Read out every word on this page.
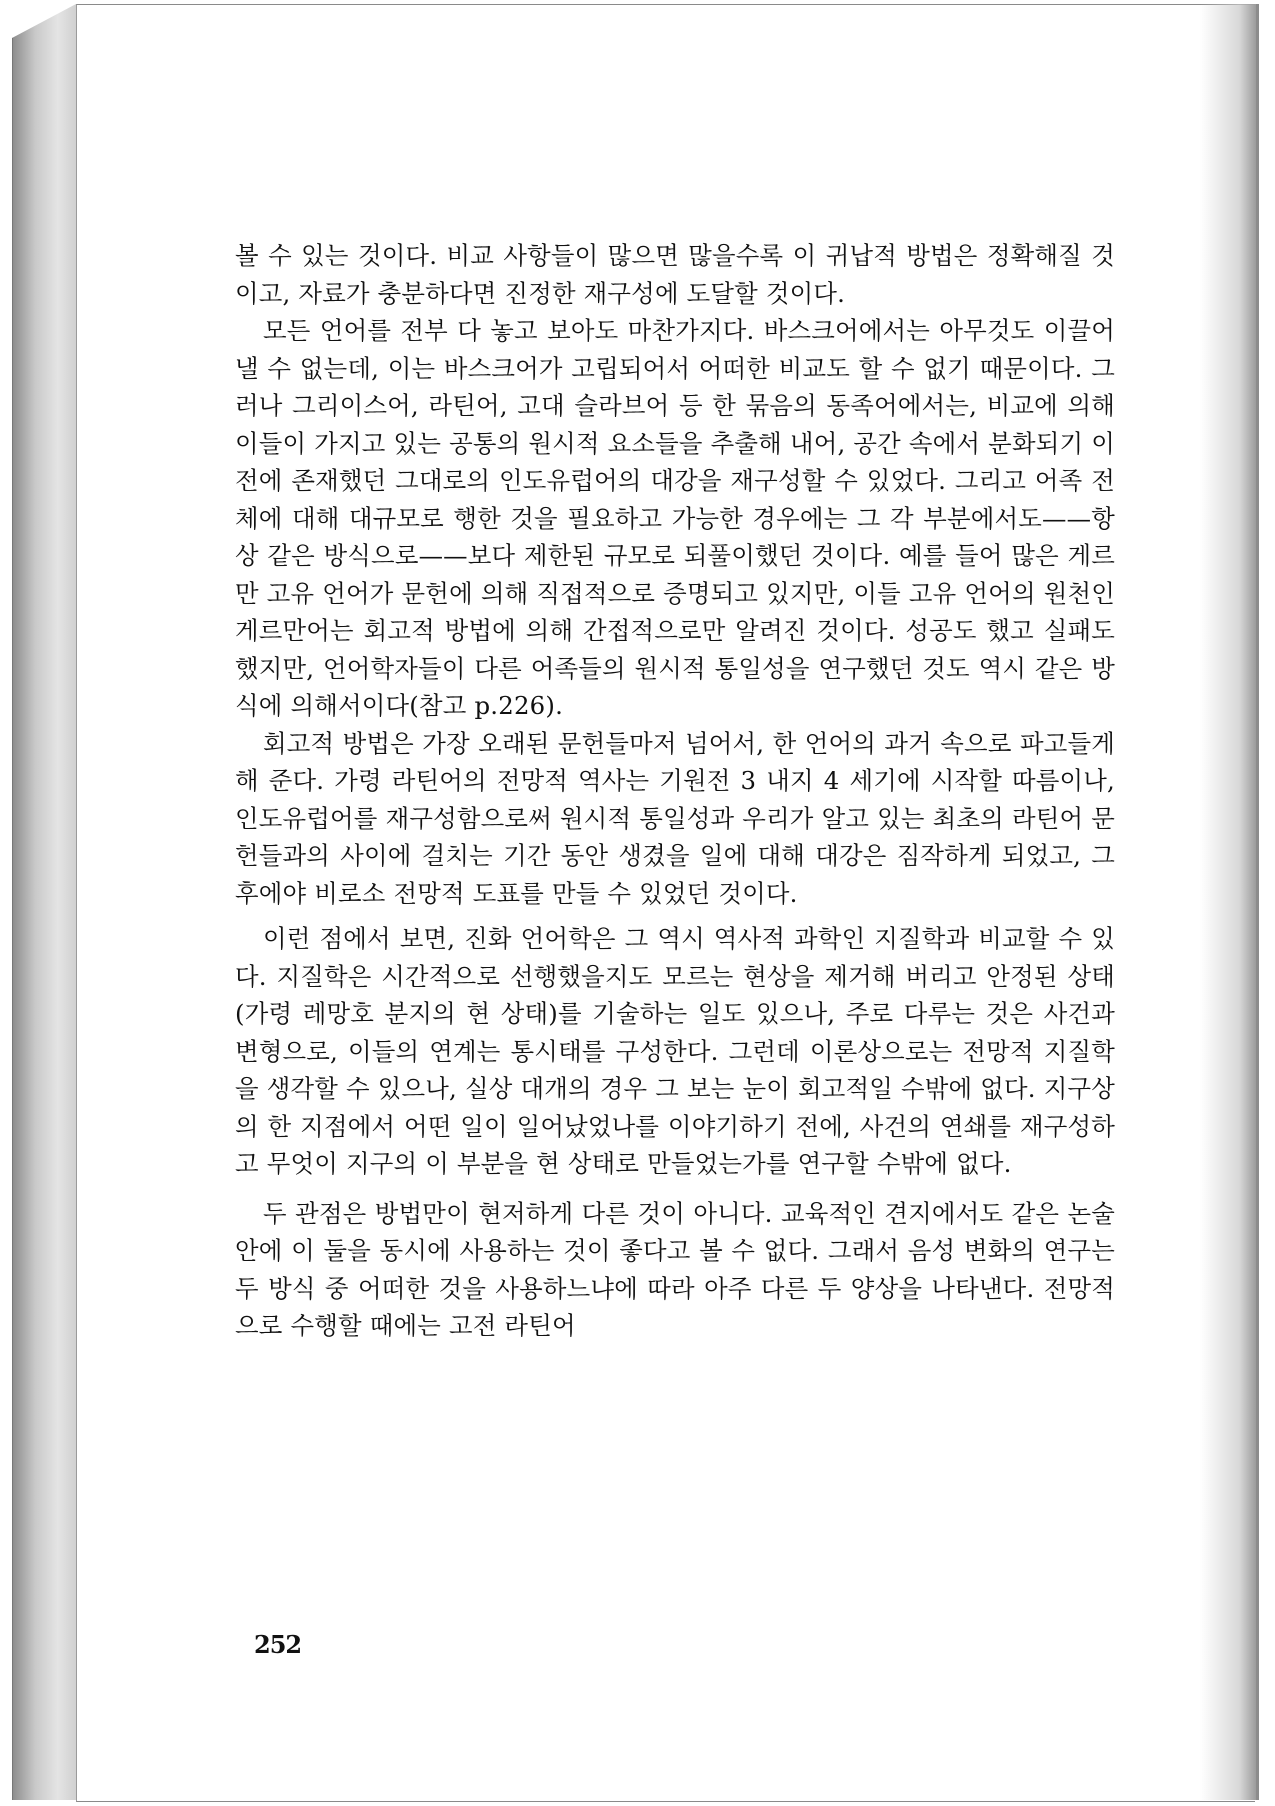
볼 수 있는 것이다. 비교 사항들이 많으면 많을수록 이 귀납적 방법은 정확해질 것이고, 자료가 충분하다면 진정한 재구성에 도달할 것이다.

모든 언어를 전부 다 놓고 보아도 마찬가지다. 바스크어에서는 아무것도 이끌어 낼 수 없는데, 이는 바스크어가 고립되어서 어떠한 비교도 할 수 없기 때문이다. 그러나 그리이스어, 라틴어, 고대 슬라브어 등 한 묶음의 동족어에서는, 비교에 의해 이들이 가지고 있는 공통의 원시적 요소들을 추출해 내어, 공간 속에서 분화되기 이전에 존재했던 그대로의 인도유럽어의 대강을 재구성할 수 있었다. 그리고 어족 전체에 대해 대규모로 행한 것을 필요하고 가능한 경우에는 그 각 부분에서도——항상 같은 방식으로——보다 제한된 규모로 되풀이했던 것이다. 예를 들어 많은 게르만 고유 언어가 문헌에 의해 직접적으로 증명되고 있지만, 이들 고유 언어의 원천인 게르만어는 회고적 방법에 의해 간접적으로만 알려진 것이다. 성공도 했고 실패도 했지만, 언어학자들이 다른 어족들의 원시적 통일성을 연구했던 것도 역시 같은 방식에 의해서이다(참고 p.226).

회고적 방법은 가장 오래된 문헌들마저 넘어서, 한 언어의 과거 속으로 파고들게 해 준다. 가령 라틴어의 전망적 역사는 기원전 3 내지 4 세기에 시작할 따름이나, 인도유럽어를 재구성함으로써 원시적 통일성과 우리가 알고 있는 최초의 라틴어 문헌들과의 사이에 걸치는 기간 동안 생겼을 일에 대해 대강은 짐작하게 되었고, 그 후에야 비로소 전망적 도표를 만들 수 있었던 것이다.

이런 점에서 보면, 진화 언어학은 그 역시 역사적 과학인 지질학과 비교할 수 있다. 지질학은 시간적으로 선행했을지도 모르는 현상을 제거해 버리고 안정된 상태(가령 레망호 분지의 현 상태)를 기술하는 일도 있으나, 주로 다루는 것은 사건과 변형으로, 이들의 연계는 통시태를 구성한다. 그런데 이론상으로는 전망적 지질학을 생각할 수 있으나, 실상 대개의 경우 그 보는 눈이 회고적일 수밖에 없다. 지구상의 한 지점에서 어떤 일이 일어났었나를 이야기하기 전에, 사건의 연쇄를 재구성하고 무엇이 지구의 이 부분을 현 상태로 만들었는가를 연구할 수밖에 없다.

두 관점은 방법만이 현저하게 다른 것이 아니다. 교육적인 견지에서도 같은 논술 안에 이 둘을 동시에 사용하는 것이 좋다고 볼 수 없다. 그래서 음성 변화의 연구는 두 방식 중 어떠한 것을 사용하느냐에 따라 아주 다른 두 양상을 나타낸다. 전망적으로 수행할 때에는 고전 라틴어

252
